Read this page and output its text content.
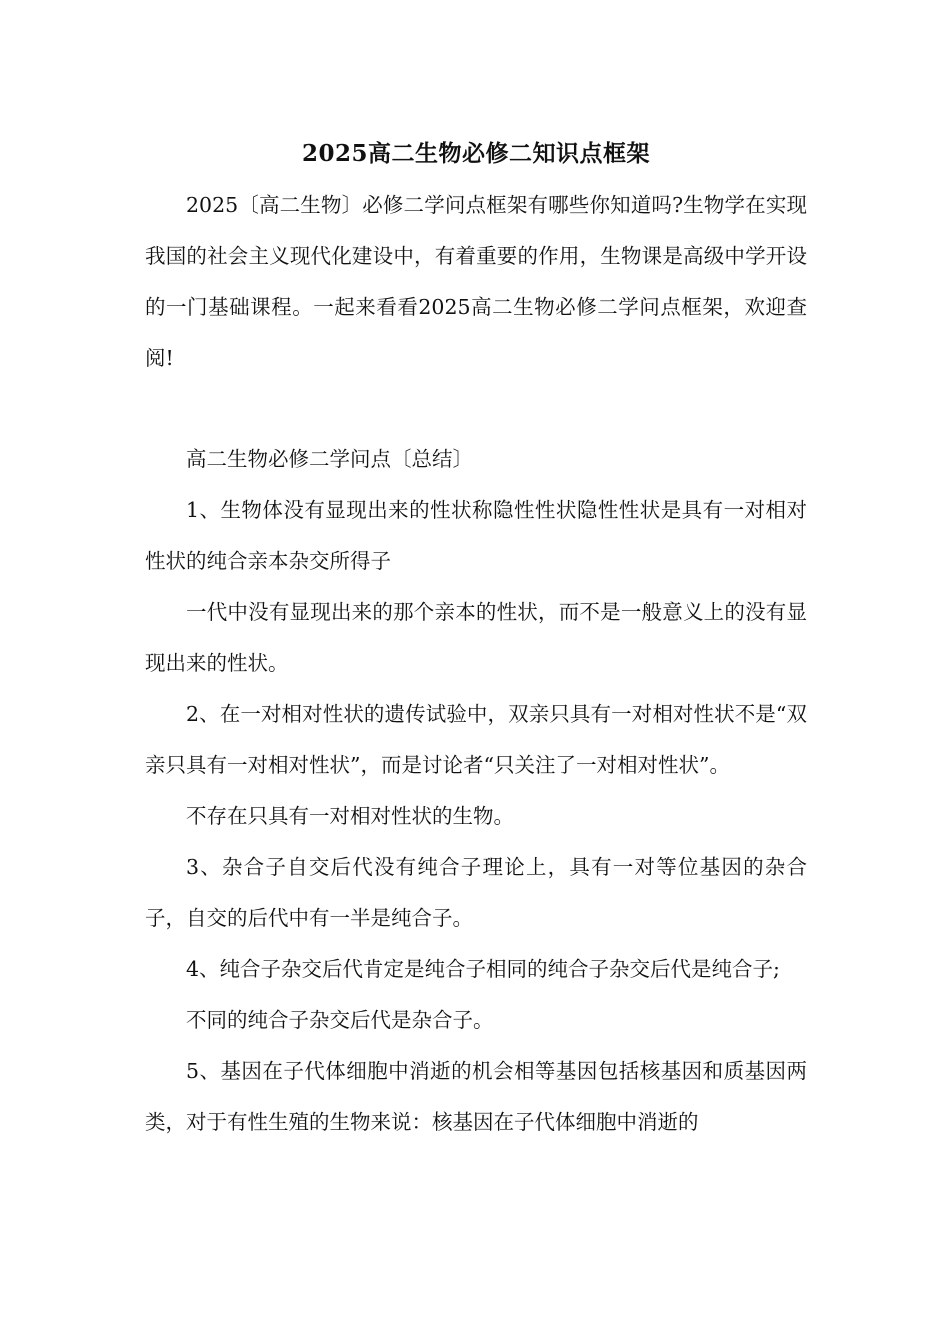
2025高二生物必修二知识点框架

2025〔高二生物〕必修二学问点框架有哪些你知道吗?生物学在实现我国的社会主义现代化建设中，有着重要的作用，生物课是高级中学开设的一门基础课程。一起来看看2025高二生物必修二学问点框架，欢迎查阅!

高二生物必修二学问点〔总结〕

1、生物体没有显现出来的性状称隐性性状隐性性状是具有一对相对性状的纯合亲本杂交所得子

一代中没有显现出来的那个亲本的性状，而不是一般意义上的没有显现出来的性状。

2、在一对相对性状的遗传试验中，双亲只具有一对相对性状不是“双亲只具有一对相对性状”，而是讨论者“只关注了一对相对性状”。

不存在只具有一对相对性状的生物。

3、杂合子自交后代没有纯合子理论上，具有一对等位基因的杂合子，自交的后代中有一半是纯合子。

4、纯合子杂交后代肯定是纯合子相同的纯合子杂交后代是纯合子;

不同的纯合子杂交后代是杂合子。

5、基因在子代体细胞中消逝的机会相等基因包括核基因和质基因两类，对于有性生殖的生物来说：核基因在子代体细胞中消逝的
